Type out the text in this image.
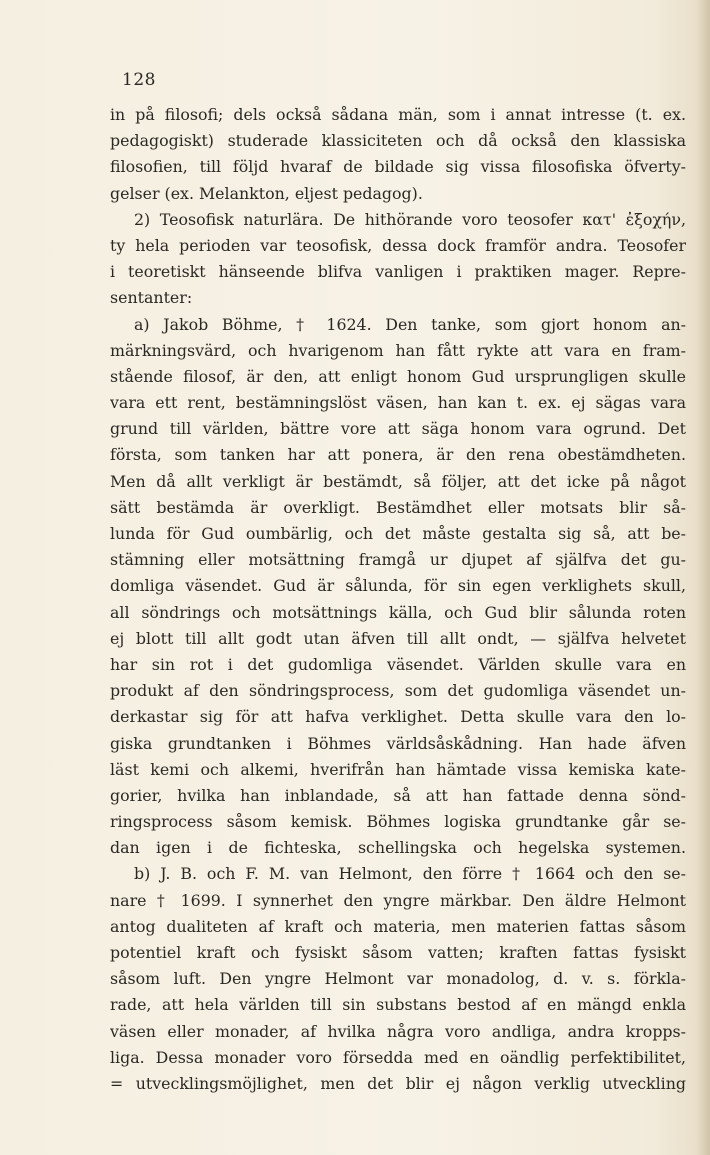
128
in på filosofi; dels också sådana män, som i annat intresse (t. ex.
pedagogiskt) studerade klassiciteten och då också den klassiska
filosofien, till följd hvaraf de bildade sig vissa filosofiska öfverty-
gelser (ex. Melankton, eljest pedagog).
2) Teosofisk naturlära. De hithörande voro teosofer κατ' ἐξοχήν,
ty hela perioden var teosofisk, dessa dock framför andra. Teosofer
i teoretiskt hänseende blifva vanligen i praktiken mager. Repre-
sentanter:
a) Jakob Böhme, † 1624. Den tanke, som gjort honom an-
märkningsvärd, och hvarigenom han fått rykte att vara en fram-
stående filosof, är den, att enligt honom Gud ursprungligen skulle
vara ett rent, bestämningslöst väsen, han kan t. ex. ej sägas vara
grund till världen, bättre vore att säga honom vara ogrund. Det
första, som tanken har att ponera, är den rena obestämdheten.
Men då allt verkligt är bestämdt, så följer, att det icke på något
sätt bestämda är overkligt. Bestämdhet eller motsats blir så-
lunda för Gud oumbärlig, och det måste gestalta sig så, att be-
stämning eller motsättning framgå ur djupet af själfva det gu-
domliga väsendet. Gud är sålunda, för sin egen verklighets skull,
all söndrings och motsättnings källa, och Gud blir sålunda roten
ej blott till allt godt utan äfven till allt ondt, — själfva helvetet
har sin rot i det gudomliga väsendet. Världen skulle vara en
produkt af den söndringsprocess, som det gudomliga väsendet un-
derkastar sig för att hafva verklighet. Detta skulle vara den lo-
giska grundtanken i Böhmes världsåskådning. Han hade äfven
läst kemi och alkemi, hverifrån han hämtade vissa kemiska kate-
gorier, hvilka han inblandade, så att han fattade denna sönd-
ringsprocess såsom kemisk. Böhmes logiska grundtanke går se-
dan igen i de fichteska, schellingska och hegelska systemen.
b) J. B. och F. M. van Helmont, den förre † 1664 och den se-
nare † 1699. I synnerhet den yngre märkbar. Den äldre Helmont
antog dualiteten af kraft och materia, men materien fattas såsom
potentiel kraft och fysiskt såsom vatten; kraften fattas fysiskt
såsom luft. Den yngre Helmont var monadolog, d. v. s. förkla-
rade, att hela världen till sin substans bestod af en mängd enkla
väsen eller monader, af hvilka några voro andliga, andra kropps-
liga. Dessa monader voro försedda med en oändlig perfektibilitet,
= utvecklingsmöjlighet, men det blir ej någon verklig utveckling
